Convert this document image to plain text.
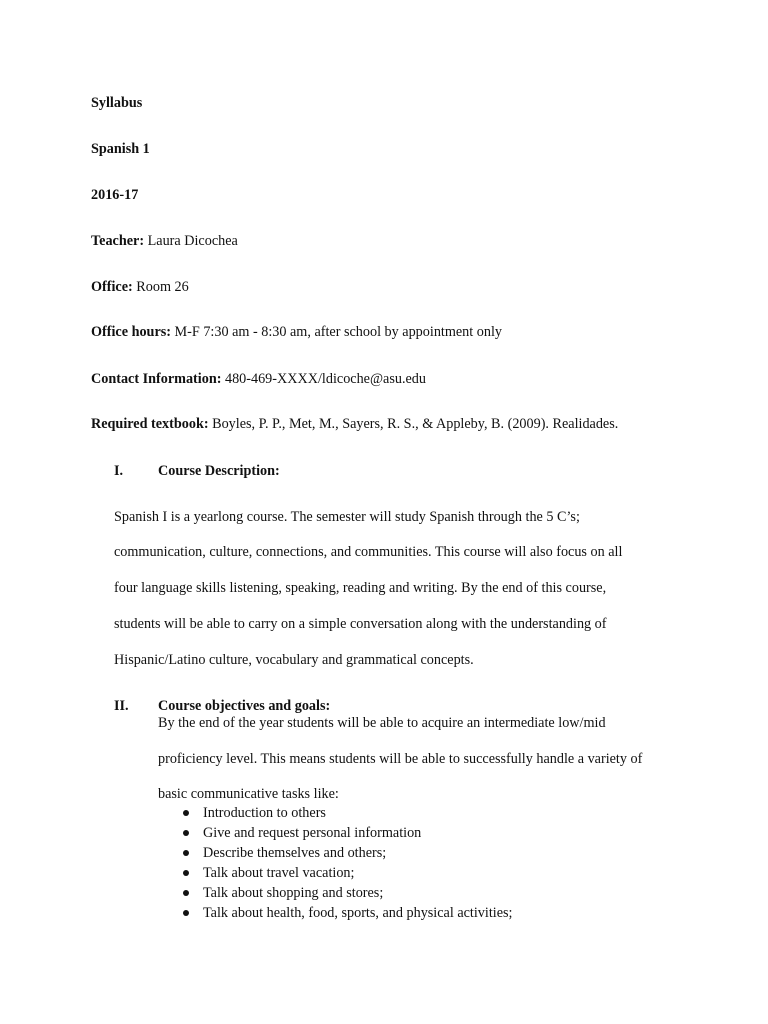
Syllabus
Spanish 1
2016-17
Teacher: Laura Dicochea
Office: Room 26
Office hours: M-F 7:30 am - 8:30 am, after school by appointment only
Contact Information: 480-469-XXXX/ldicoche@asu.edu
Required textbook: Boyles, P. P., Met, M., Sayers, R. S., & Appleby, B. (2009). Realidades.
I. Course Description:
Spanish I is a yearlong course. The semester will study Spanish through the 5 C’s;
communication, culture, connections, and communities. This course will also focus on all
four language skills listening, speaking, reading and writing. By the end of this course,
students will be able to carry on a simple conversation along with the understanding of
Hispanic/Latino culture, vocabulary and grammatical concepts.
II. Course objectives and goals:
By the end of the year students will be able to acquire an intermediate low/mid
proficiency level. This means students will be able to successfully handle a variety of
basic communicative tasks like:
Introduction to others
Give and request personal information
Describe themselves and others;
Talk about travel vacation;
Talk about shopping and stores;
Talk about health, food, sports, and physical activities;
